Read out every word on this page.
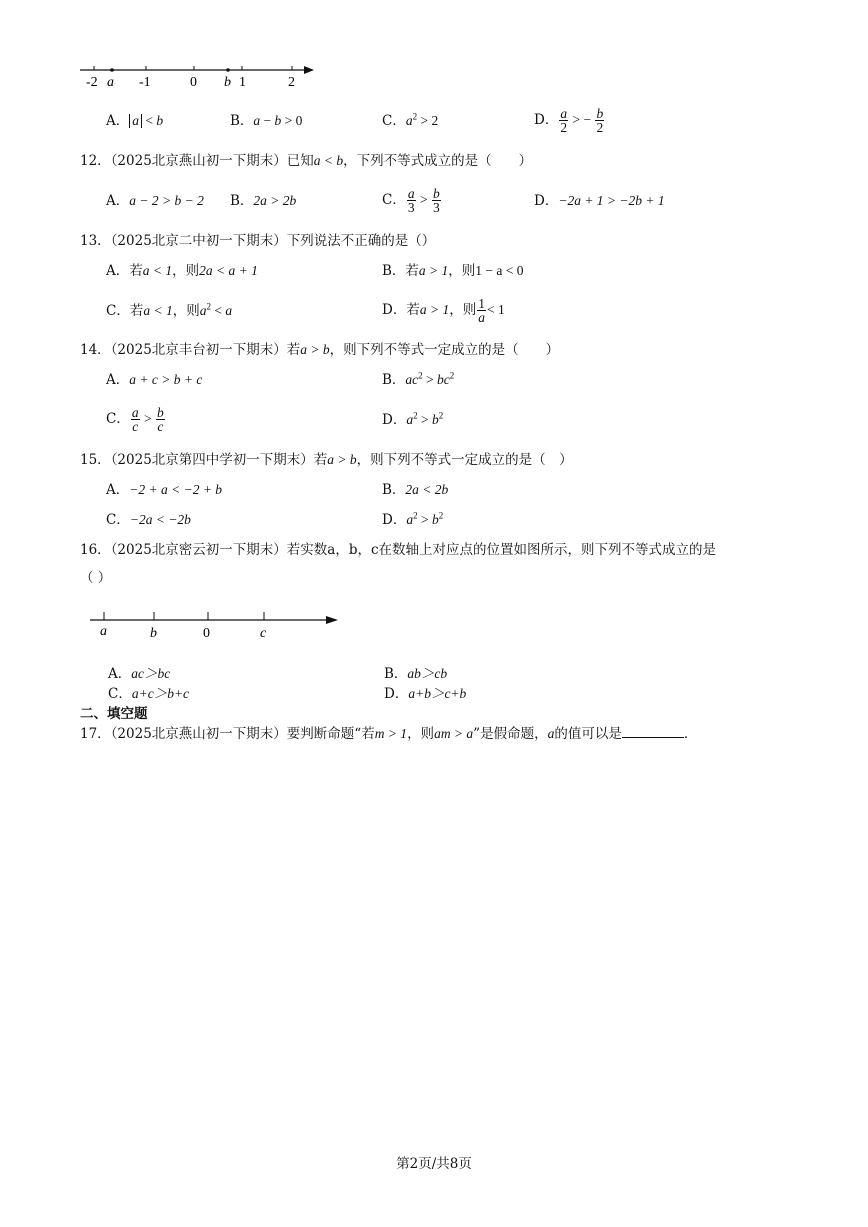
-2 a -1	0 b 1	2
A． a < b	B．a − b > 0	C．$a^2 > 2$	D． $\frac{a}{2}$ > − $\frac{b}{2}$
12．（2025北京燕山初一下期末）已知a < b，下列不等式成立的是（　　）
A．a − 2 > b − 2 B．2a > 2b	C． $\frac{a}{3} > \frac{b}{3}$	D．−2a + 1 > −2b + 1
13．（2025北京二中初一下期末）下列说法不正确的是（）
A．若a < 1，则2a < a + 1	B．若a > 1，则1 − a < 0
C．若a < 1，则$a^2 < a$	D．若a > 1，则 $\frac{1}{a} < 1$
14．（2025北京丰台初一下期末）若a > b，则下列不等式一定成立的是（　　）
A．a + c > b + c	B．$ac^2 > bc^2$
C． $\frac{a}{c} > \frac{b}{c}$	D．$a^2 > b^2$
15．（2025北京第四中学初一下期末）若a > b，则下列不等式一定成立的是（　）
A．−2 + a < −2 + b	B．2a < 2b
C．−2a < −2b	D．$a^2 > b^2$
16．（2025北京密云初一下期末）若实数a，b，c在数轴上对应点的位置如图所示，则下列不等式成立的是
（ ）
a	b	0	c
A．ac＞bc	B．ab＞cb
C．a+c＞b+c	D．a+b＞c+b
二、填空题
17．（2025北京燕山初一下期末）要判断命题“若m > 1，则am > a”是假命题，a的值可以是	．
第2页/共8页
